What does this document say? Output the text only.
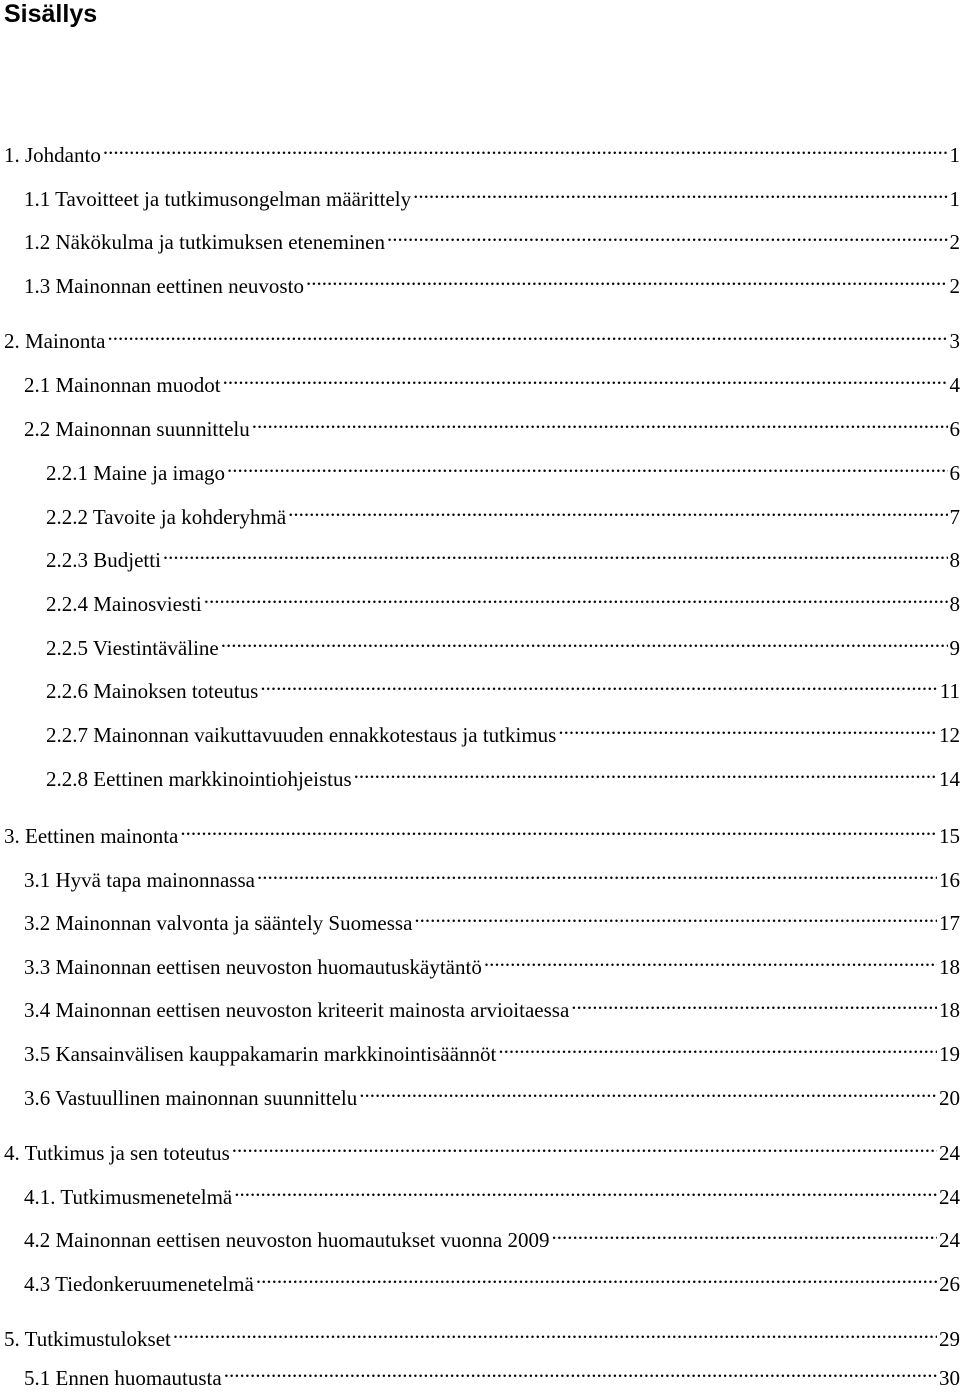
Sisällys
1. Johdanto .....	1
1.1 Tavoitteet ja tutkimusongelman määrittely .....	1
1.2 Näkökulma ja tutkimuksen eteneminen .....	2
1.3 Mainonnan eettinen neuvosto .....	2
2. Mainonta .....	3
2.1 Mainonnan muodot .....	4
2.2 Mainonnan suunnittelu .....	6
2.2.1 Maine ja imago .....	6
2.2.2 Tavoite ja kohderyhmä .....	7
2.2.3 Budjetti .....	8
2.2.4 Mainosviesti .....	8
2.2.5 Viestintäväline .....	9
2.2.6 Mainoksen toteutus .....	11
2.2.7 Mainonnan vaikuttavuuden ennakkotestaus ja tutkimus .....	12
2.2.8 Eettinen markkinointiohjeistus .....	14
3. Eettinen mainonta .....	15
3.1 Hyvä tapa mainonnassa .....	16
3.2 Mainonnan valvonta ja sääntely Suomessa .....	17
3.3 Mainonnan eettisen neuvoston huomautuskäytäntö .....	18
3.4 Mainonnan eettisen neuvoston kriteerit mainosta arvioitaessa .....	18
3.5 Kansainvälisen kauppakamarin markkinointisäännöt .....	19
3.6 Vastuullinen mainonnan suunnittelu .....	20
4. Tutkimus ja sen toteutus .....	24
4.1. Tutkimusmenetelmä .....	24
4.2 Mainonnan eettisen neuvoston huomautukset vuonna 2009 .....	24
4.3 Tiedonkeruumenetelmä .....	26
5. Tutkimustulokset .....	29
5.1 Ennen huomautusta .....	30
